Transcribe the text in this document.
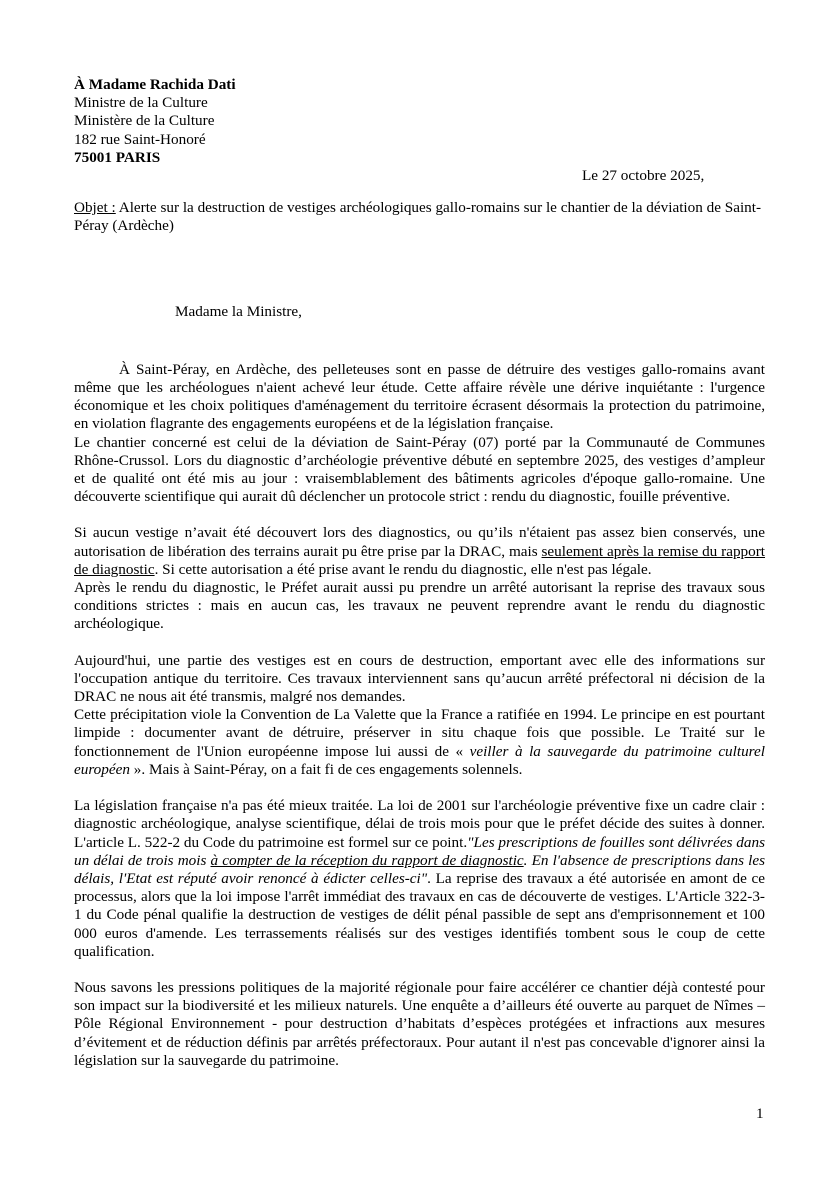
À Madame Rachida Dati
Ministre de la Culture
Ministère de la Culture
182 rue Saint-Honoré
75001 PARIS
Le 27 octobre 2025,
Objet : Alerte sur la destruction de vestiges archéologiques gallo-romains sur le chantier de la déviation de Saint-Péray (Ardèche)
Madame la Ministre,

À Saint-Péray, en Ardèche, des pelleteuses sont en passe de détruire des vestiges gallo-romains avant même que les archéologues n'aient achevé leur étude. Cette affaire révèle une dérive inquiétante : l'urgence économique et les choix politiques d'aménagement du territoire écrasent désormais la protection du patrimoine, en violation flagrante des engagements européens et de la législation française.

Le chantier concerné est celui de la déviation de Saint-Péray (07) porté par la Communauté de Communes Rhône-Crussol. Lors du diagnostic d’archéologie préventive débuté en septembre 2025, des vestiges d’ampleur et de qualité ont été mis au jour : vraisemblablement des bâtiments agricoles d'époque gallo-romaine. Une découverte scientifique qui aurait dû déclencher un protocole strict : rendu du diagnostic, fouille préventive.

Si aucun vestige n’avait été découvert lors des diagnostics, ou qu’ils n'étaient pas assez bien conservés, une autorisation de libération des terrains aurait pu être prise par la DRAC, mais seulement après la remise du rapport de diagnostic. Si cette autorisation a été prise avant le rendu du diagnostic, elle n'est pas légale.

Après le rendu du diagnostic, le Préfet aurait aussi pu prendre un arrêté autorisant la reprise des travaux sous conditions strictes : mais en aucun cas, les travaux ne peuvent reprendre avant le rendu du diagnostic archéologique.

Aujourd'hui, une partie des vestiges est en cours de destruction, emportant avec elle des informations sur l'occupation antique du territoire. Ces travaux interviennent sans qu’aucun arrêté préfectoral ni décision de la DRAC ne nous ait été transmis, malgré nos demandes.

Cette précipitation viole la Convention de La Valette que la France a ratifiée en 1994. Le principe en est pourtant limpide : documenter avant de détruire, préserver in situ chaque fois que possible. Le Traité sur le fonctionnement de l'Union européenne impose lui aussi de « veiller à la sauvegarde du patrimoine culturel européen ». Mais à Saint-Péray, on a fait fi de ces engagements solennels.

La législation française n'a pas été mieux traitée. La loi de 2001 sur l'archéologie préventive fixe un cadre clair : diagnostic archéologique, analyse scientifique, délai de trois mois pour que le préfet décide des suites à donner. L'article L. 522-2 du Code du patrimoine est formel sur ce point."Les prescriptions de fouilles sont délivrées dans un délai de trois mois à compter de la réception du rapport de diagnostic. En l'absence de prescriptions dans les délais, l'Etat est réputé avoir renoncé à édicter celles-ci". La reprise des travaux a été autorisée en amont de ce processus, alors que la loi impose l'arrêt immédiat des travaux en cas de découverte de vestiges. L'Article 322-3-1 du Code pénal qualifie la destruction de vestiges de délit pénal passible de sept ans d'emprisonnement et 100 000 euros d'amende. Les terrassements réalisés sur des vestiges identifiés tombent sous le coup de cette qualification.

Nous savons les pressions politiques de la majorité régionale pour faire accélérer ce chantier déjà contesté pour son impact sur la biodiversité et les milieux naturels. Une enquête a d’ailleurs été ouverte au parquet de Nîmes – Pôle Régional Environnement - pour destruction d’habitats d’espèces protégées et infractions aux mesures d’évitement et de réduction définis par arrêtés préfectoraux. Pour autant il n'est pas concevable d'ignorer ainsi la législation sur la sauvegarde du patrimoine.

1
